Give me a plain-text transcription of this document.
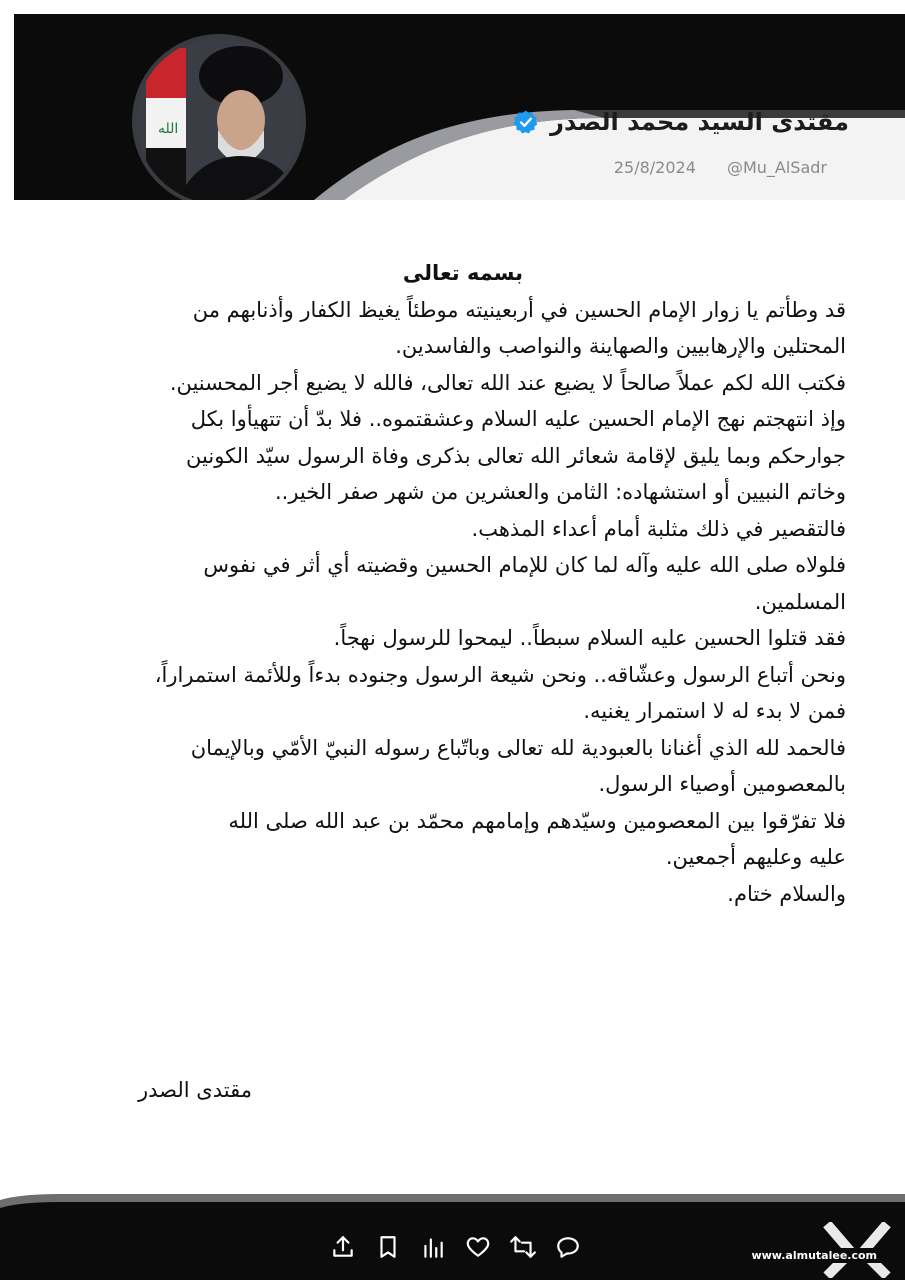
الله	مقتدى السيد محمد الصدر
25/8/2024 @Mu_AlSadr

بسمه تعالى

قد وطأتم يا زوار الإمام الحسين في أربعينيته موطئاً يغيظ الكفار وأذنابهم من

المحتلين والإرهابيين والصهاينة والنواصب والفاسدين.

فكتب الله لكم عملاً صالحاً لا يضيع عند الله تعالى، فالله لا يضيع أجر المحسنين.

وإذ انتهجتم نهج الإمام الحسين عليه السلام وعشقتموه.. فلا بدّ أن تتهيأوا بكل

جوارحكم وبما يليق لإقامة شعائر الله تعالى بذكرى وفاة الرسول سيّد الكونين

وخاتم النبيين أو استشهاده: الثامن والعشرين من شهر صفر الخير..

فالتقصير في ذلك مثلبة أمام أعداء المذهب.

فلولاه صلى الله عليه وآله لما كان للإمام الحسين وقضيته أي أثر في نفوس

المسلمين.

فقد قتلوا الحسين عليه السلام سبطاً.. ليمحوا للرسول نهجاً.

ونحن أتباع الرسول وعشّاقه.. ونحن شيعة الرسول وجنوده بدءاً وللأئمة استمراراً،

فمن لا بدء له لا استمرار يغنيه.

فالحمد لله الذي أغنانا بالعبودية لله تعالى وباتّباع رسوله النبيّ الأمّي وبالإيمان

بالمعصومين أوصياء الرسول.

فلا تفرّقوا بين المعصومين وسيّدهم وإمامهم محمّد بن عبد الله صلى الله

عليه وعليهم أجمعين.

والسلام ختام.

مقتدى الصدر
www.almutalee.com
